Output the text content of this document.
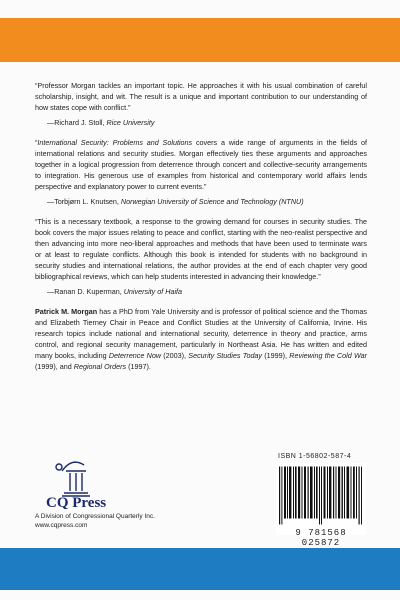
“Professor Morgan tackles an important topic. He approaches it with his usual combination of careful scholarship, insight, and wit. The result is a unique and important contribution to our understanding of how states cope with conflict.”

—Richard J. Stoll, Rice University

“International Security: Problems and Solutions covers a wide range of arguments in the fields of international relations and security studies. Morgan effectively ties these arguments and approaches together in a logical progression from deterrence through concert and collective-security arrangements to integration. His generous use of examples from historical and contemporary world affairs lends perspective and explanatory power to current events.”

—Torbjørn L. Knutsen, Norwegian University of Science and Technology (NTNU)

“This is a necessary textbook, a response to the growing demand for courses in security studies. The book covers the major issues relating to peace and conflict, starting with the neo-realist perspective and then advancing into more neo-liberal approaches and methods that have been used to terminate wars or at least to regulate conflicts. Although this book is intended for students with no background in security studies and international relations, the author provides at the end of each chapter very good bibliographical reviews, which can help students interested in advancing their knowledge.”

—Ranan D. Kuperman, University of Haifa

Patrick M. Morgan has a PhD from Yale University and is professor of political science and the Thomas and Elizabeth Tierney Chair in Peace and Conflict Studies at the University of California, Irvine. His research topics include national and international security, deterrence in theory and practice, arms control, and regional security management, particularly in Northeast Asia. He has written and edited many books, including Deterrence Now (2003), Security Studies Today (1999), Reviewing the Cold War (1999), and Regional Orders (1997).

CQ Press
A Division of Congressional Quarterly Inc.
www.cqpress.com
ISBN 1-56802-587-4
9 781568 025872
